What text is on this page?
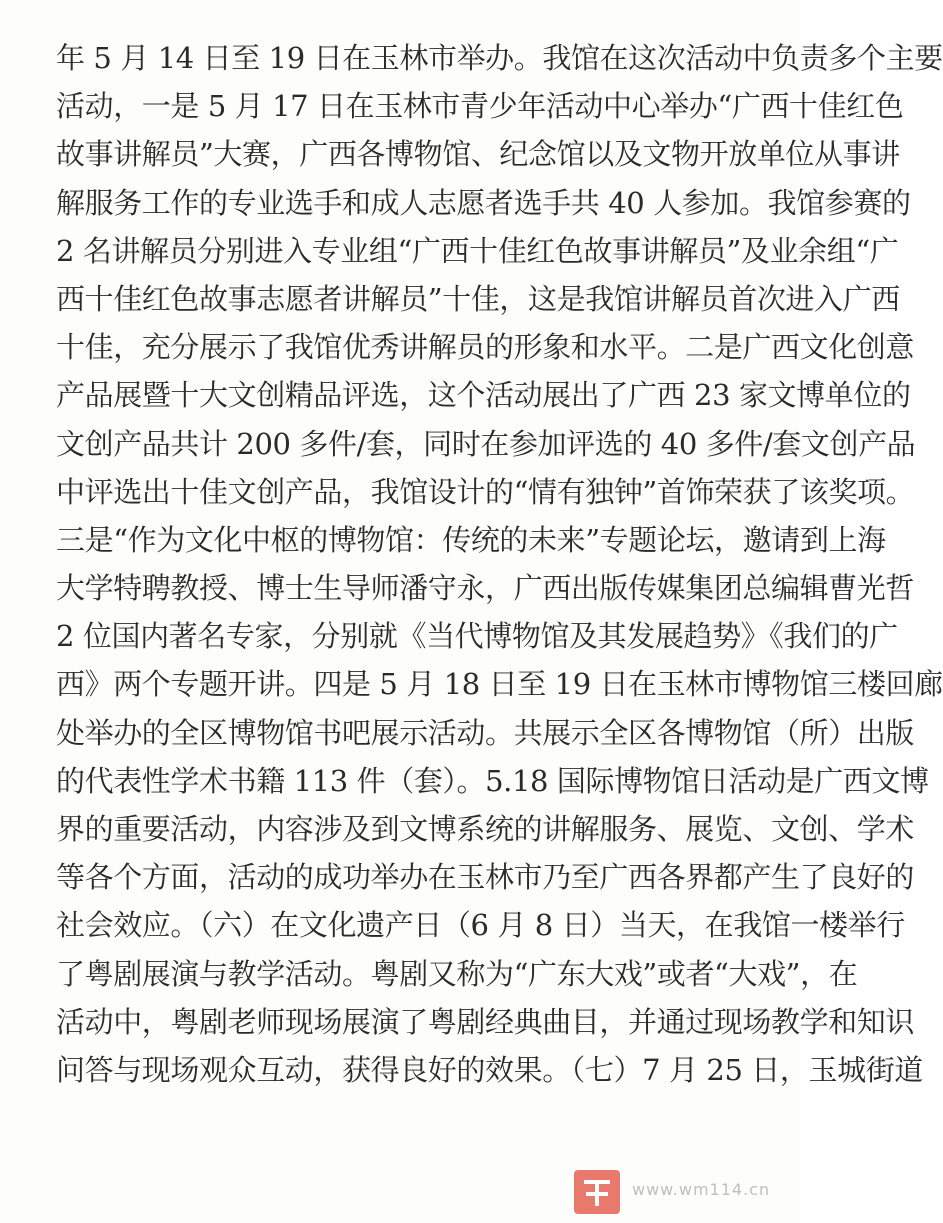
年 5 月 14 日至 19 日在玉林市举办。我馆在这次活动中负责多个主要
活动，一是 5 月 17 日在玉林市青少年活动中心举办“广西十佳红色
故事讲解员”大赛，广西各博物馆、纪念馆以及文物开放单位从事讲
解服务工作的专业选手和成人志愿者选手共 40 人参加。我馆参赛的
2 名讲解员分别进入专业组“广西十佳红色故事讲解员”及业余组“广
西十佳红色故事志愿者讲解员”十佳，这是我馆讲解员首次进入广西
十佳，充分展示了我馆优秀讲解员的形象和水平。二是广西文化创意
产品展暨十大文创精品评选，这个活动展出了广西 23 家文博单位的
文创产品共计 200 多件/套，同时在参加评选的 40 多件/套文创产品
中评选出十佳文创产品，我馆设计的“情有独钟”首饰荣获了该奖项。
三是“作为文化中枢的博物馆：传统的未来”专题论坛，邀请到上海
大学特聘教授、博士生导师潘守永，广西出版传媒集团总编辑曹光哲
2 位国内著名专家，分别就《当代博物馆及其发展趋势》《我们的广
西》两个专题开讲。四是 5 月 18 日至 19 日在玉林市博物馆三楼回廊
处举办的全区博物馆书吧展示活动。共展示全区各博物馆（所）出版
的代表性学术书籍 113 件（套）。5.18 国际博物馆日活动是广西文博
界的重要活动，内容涉及到文博系统的讲解服务、展览、文创、学术
等各个方面，活动的成功举办在玉林市乃至广西各界都产生了良好的
社会效应。（六）在文化遗产日（6 月 8 日）当天，在我馆一楼举行
了粤剧展演与教学活动。粤剧又称为“广东大戏”或者“大戏”，在
活动中，粤剧老师现场展演了粤剧经典曲目，并通过现场教学和知识
问答与现场观众互动，获得良好的效果。（七）7 月 25 日，玉城街道
www.wm114.cn
